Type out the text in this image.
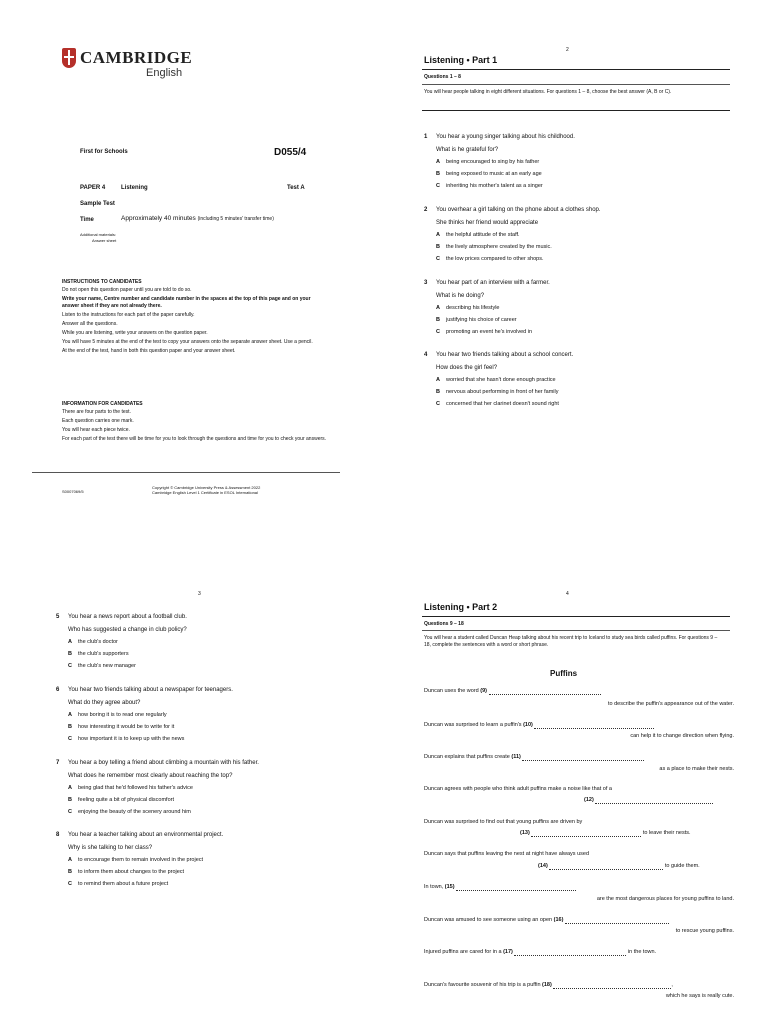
CAMBRIDGE
English
First for Schools	D055/4
PAPER 4	Listening	Test A
Sample Test
Time	Approximately 40 minutes (including 5 minutes' transfer time)
Additional materials:
Answer sheet
INSTRUCTIONS TO CANDIDATES
Do not open this question paper until you are told to do so.
Write your name, Centre number and candidate number in the spaces at the top of this page and on your answer sheet if they are not already there.
Listen to the instructions for each part of the paper carefully.
Answer all the questions.
While you are listening, write your answers on the question paper.
You will have 5 minutes at the end of the test to copy your answers onto the separate answer sheet. Use a pencil.
At the end of the test, hand in both this question paper and your answer sheet.
INFORMATION FOR CANDIDATES
There are four parts to the test.
Each question carries one mark.
You will hear each piece twice.
For each part of the test there will be time for you to look through the questions and time for you to check your answers.
S0007069/5
Copyright © Cambridge University Press & Assessment 2022
Cambridge English Level 1 Certificate in ESOL International
2
Listening • Part 1
Questions 1 – 8
You will hear people talking in eight different situations. For questions 1 – 8, choose the best answer (A, B or C).
1 You hear a young singer talking about his childhood.
What is he grateful for?
A being encouraged to sing by his father
B being exposed to music at an early age
C inheriting his mother's talent as a singer
2 You overhear a girl talking on the phone about a clothes shop.
She thinks her friend would appreciate
A the helpful attitude of the staff.
B the lively atmosphere created by the music.
C the low prices compared to other shops.
3 You hear part of an interview with a farmer.
What is he doing?
A describing his lifestyle
B justifying his choice of career
C promoting an event he's involved in
4 You hear two friends talking about a school concert.
How does the girl feel?
A worried that she hasn't done enough practice
B nervous about performing in front of her family
C concerned that her clarinet doesn't sound right
3
5 You hear a news report about a football club.
Who has suggested a change in club policy?
A the club's doctor
B the club's supporters
C the club's new manager
6 You hear two friends talking about a newspaper for teenagers.
What do they agree about?
A how boring it is to read one regularly
B how interesting it would be to write for it
C how important it is to keep up with the news
7 You hear a boy telling a friend about climbing a mountain with his father.
What does he remember most clearly about reaching the top?
A being glad that he'd followed his father's advice
B feeling quite a bit of physical discomfort
C enjoying the beauty of the scenery around him
8 You hear a teacher talking about an environmental project.
Why is she talking to her class?
A to encourage them to remain involved in the project
B to inform them about changes to the project
C to remind them about a future project
4
Listening • Part 2
Questions 9 – 18
You will hear a student called Duncan Heap talking about his recent trip to Iceland to study sea birds called puffins. For questions 9 – 18, complete the sentences with a word or short phrase.
Puffins
Duncan uses the word (9)
to describe the puffin's appearance out of the water.
Duncan was surprised to learn a puffin's (10)
can help it to change direction when flying.
Duncan explains that puffins create (11)
as a place to make their nests.
Duncan agrees with people who think adult puffins make a noise like that of a
(12)
Duncan was surprised to find out that young puffins are driven by
(13)	to leave their nests.
Duncan says that puffins leaving the nest at night have always used
(14)	to guide them.
In town, (15)
are the most dangerous places for young puffins to land.
Duncan was amused to see someone using an open (16)
to rescue young puffins.
Injured puffins are cared for in a (17)	in the town.
Duncan's favourite souvenir of his trip is a puffin (18)	,
which he says is really cute.
